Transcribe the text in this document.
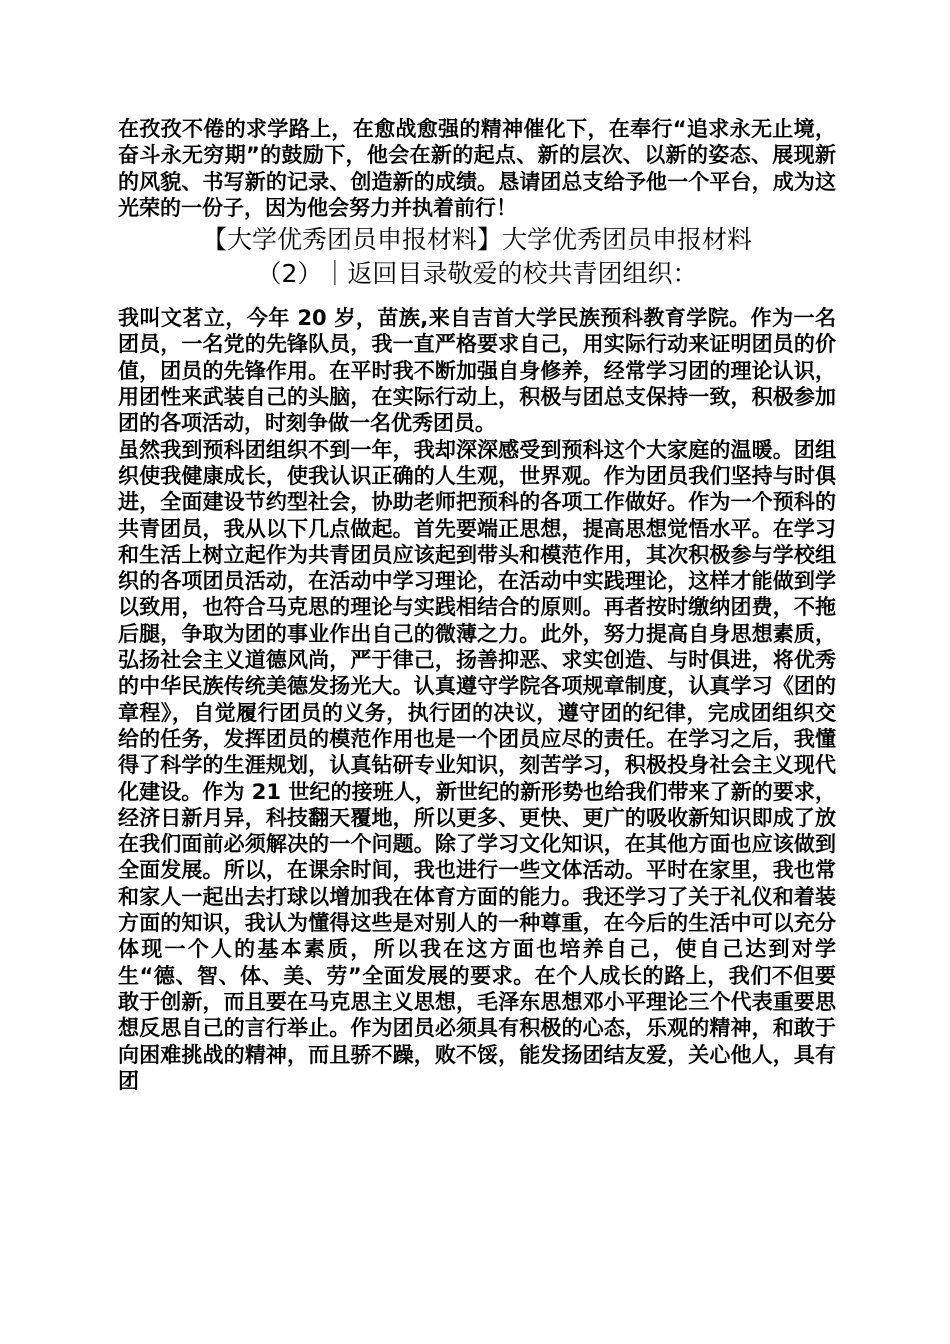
在孜孜不倦的求学路上，在愈战愈强的精神催化下，在奉行“追求永无止境，奋斗永无穷期”的鼓励下，他会在新的起点、新的层次、以新的姿态、展现新的风貌、书写新的记录、创造新的成绩。恳请团总支给予他一个平台，成为这光荣的一份子，因为他会努力并执着前行！

【大学优秀团员申报材料】大学优秀团员申报材料
（2）｜返回目录敬爱的校共青团组织：

我叫文茗立，今年 20 岁，苗族,来自吉首大学民族预科教育学院。作为一名团员，一名党的先锋队员，我一直严格要求自己，用实际行动来证明团员的价值，团员的先锋作用。在平时我不断加强自身修养，经常学习团的理论认识，用团性来武装自己的头脑，在实际行动上，积极与团总支保持一致，积极参加团的各项活动，时刻争做一名优秀团员。

虽然我到预科团组织不到一年，我却深深感受到预科这个大家庭的温暖。团组织使我健康成长，使我认识正确的人生观，世界观。作为团员我们坚持与时俱进，全面建设节约型社会，协助老师把预科的各项工作做好。作为一个预科的共青团员，我从以下几点做起。首先要端正思想，提高思想觉悟水平。在学习和生活上树立起作为共青团员应该起到带头和模范作用，其次积极参与学校组织的各项团员活动，在活动中学习理论，在活动中实践理论，这样才能做到学以致用，也符合马克思的理论与实践相结合的原则。再者按时缴纳团费，不拖后腿，争取为团的事业作出自己的微薄之力。此外，努力提高自身思想素质，弘扬社会主义道德风尚，严于律己，扬善抑恶、求实创造、与时俱进，将优秀的中华民族传统美德发扬光大。认真遵守学院各项规章制度，认真学习《团的章程》，自觉履行团员的义务，执行团的决议，遵守团的纪律，完成团组织交给的任务，发挥团员的模范作用也是一个团员应尽的责任。在学习之后，我懂得了科学的生涯规划，认真钻研专业知识，刻苦学习，积极投身社会主义现代化建设。作为 21 世纪的接班人，新世纪的新形势也给我们带来了新的要求，经济日新月异，科技翻天覆地，所以更多、更快、更广的吸收新知识即成了放在我们面前必须解决的一个问题。除了学习文化知识，在其他方面也应该做到全面发展。所以，在课余时间，我也进行一些文体活动。平时在家里，我也常和家人一起出去打球以增加我在体育方面的能力。我还学习了关于礼仪和着装方面的知识，我认为懂得这些是对别人的一种尊重，在今后的生活中可以充分体现一个人的基本素质，所以我在这方面也培养自己，使自己达到对学生“德、智、体、美、劳”全面发展的要求。在个人成长的路上，我们不但要敢于创新，而且要在马克思主义思想，毛泽东思想邓小平理论三个代表重要思想反思自己的言行举止。作为团员必须具有积极的心态，乐观的精神，和敢于向困难挑战的精神，而且骄不躁，败不馁，能发扬团结友爱，关心他人，具有团
